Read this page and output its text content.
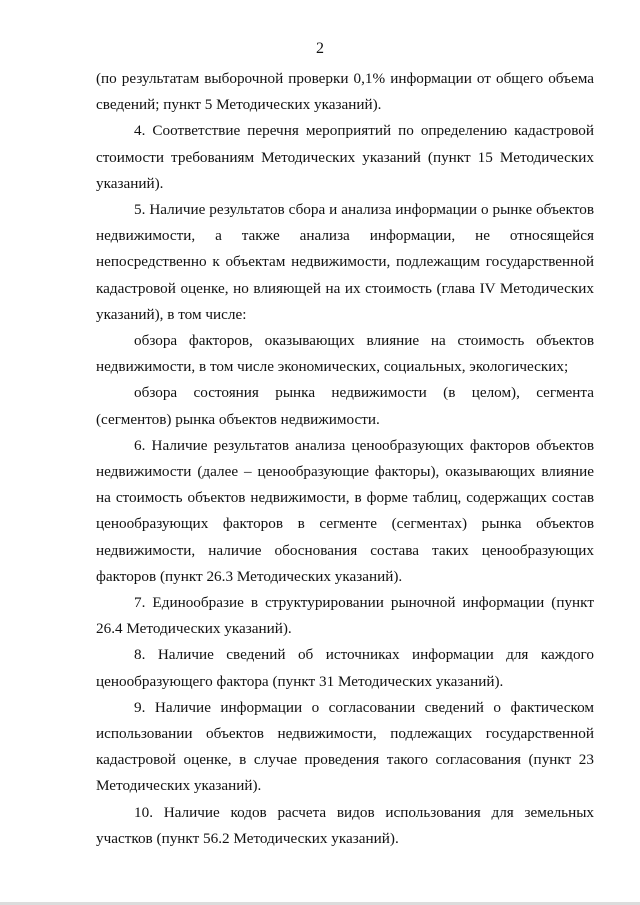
2

(по результатам выборочной проверки 0,1% информации от общего объема сведений; пункт 5 Методических указаний).

4. Соответствие перечня мероприятий по определению кадастровой стоимости требованиям Методических указаний (пункт 15 Методических указаний).

5. Наличие результатов сбора и анализа информации о рынке объектов недвижимости, а также анализа информации, не относящейся непосредственно к объектам недвижимости, подлежащим государственной кадастровой оценке, но влияющей на их стоимость (глава IV Методических указаний), в том числе:

обзора факторов, оказывающих влияние на стоимость объектов недвижимости, в том числе экономических, социальных, экологических;

обзора состояния рынка недвижимости (в целом), сегмента (сегментов) рынка объектов недвижимости.

6. Наличие результатов анализа ценообразующих факторов объектов недвижимости (далее – ценообразующие факторы), оказывающих влияние на стоимость объектов недвижимости, в форме таблиц, содержащих состав ценообразующих факторов в сегменте (сегментах) рынка объектов недвижимости, наличие обоснования состава таких ценообразующих факторов (пункт 26.3 Методических указаний).

7. Единообразие в структурировании рыночной информации (пункт 26.4 Методических указаний).

8. Наличие сведений об источниках информации для каждого ценообразующего фактора (пункт 31 Методических указаний).

9. Наличие информации о согласовании сведений о фактическом использовании объектов недвижимости, подлежащих государственной кадастровой оценке, в случае проведения такого согласования (пункт 23 Методических указаний).

10. Наличие кодов расчета видов использования для земельных участков (пункт 56.2 Методических указаний).
